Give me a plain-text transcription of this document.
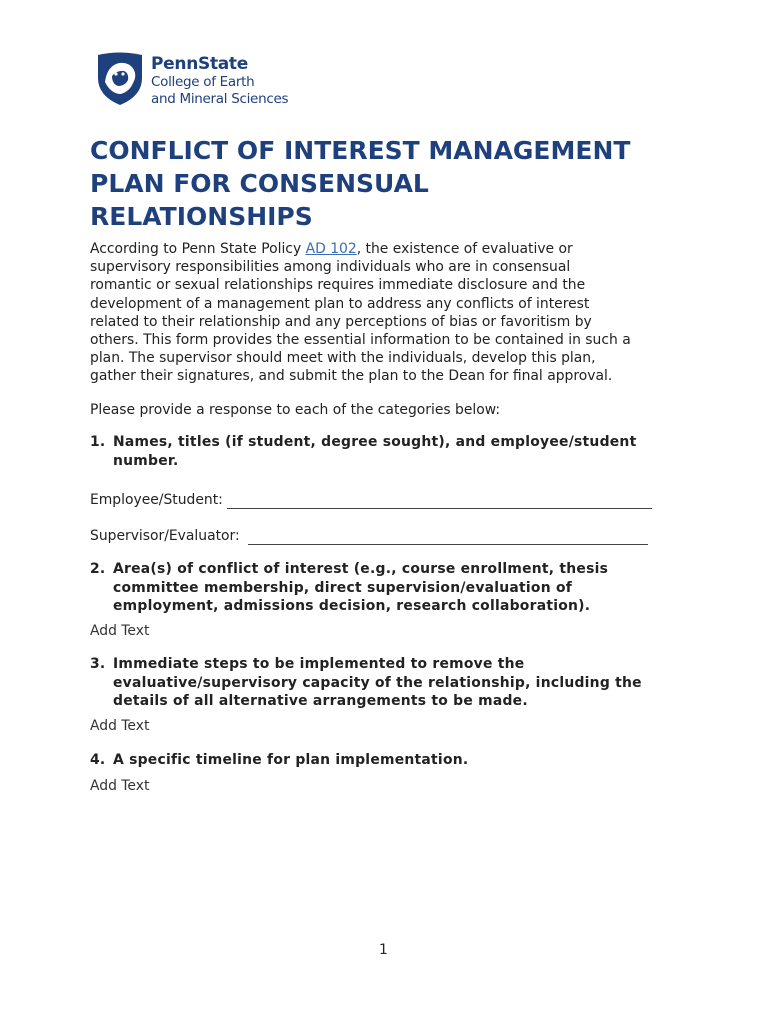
PennState
College of Earth
and Mineral Sciences
CONFLICT OF INTEREST MANAGEMENT
PLAN FOR CONSENSUAL
RELATIONSHIPS
According to Penn State Policy AD 102, the existence of evaluative or
supervisory responsibilities among individuals who are in consensual
romantic or sexual relationships requires immediate disclosure and the
development of a management plan to address any conflicts of interest
related to their relationship and any perceptions of bias or favoritism by
others. This form provides the essential information to be contained in such a
plan. The supervisor should meet with the individuals, develop this plan,
gather their signatures, and submit the plan to the Dean for final approval.
Please provide a response to each of the categories below:
1. Names, titles (if student, degree sought), and employee/student
number.
Employee/Student:
Supervisor/Evaluator:
2. Area(s) of conflict of interest (e.g., course enrollment, thesis
committee membership, direct supervision/evaluation of
employment, admissions decision, research collaboration).
Add Text
3. Immediate steps to be implemented to remove the
evaluative/supervisory capacity of the relationship, including the
details of all alternative arrangements to be made.
Add Text
4. A specific timeline for plan implementation.
Add Text
1
